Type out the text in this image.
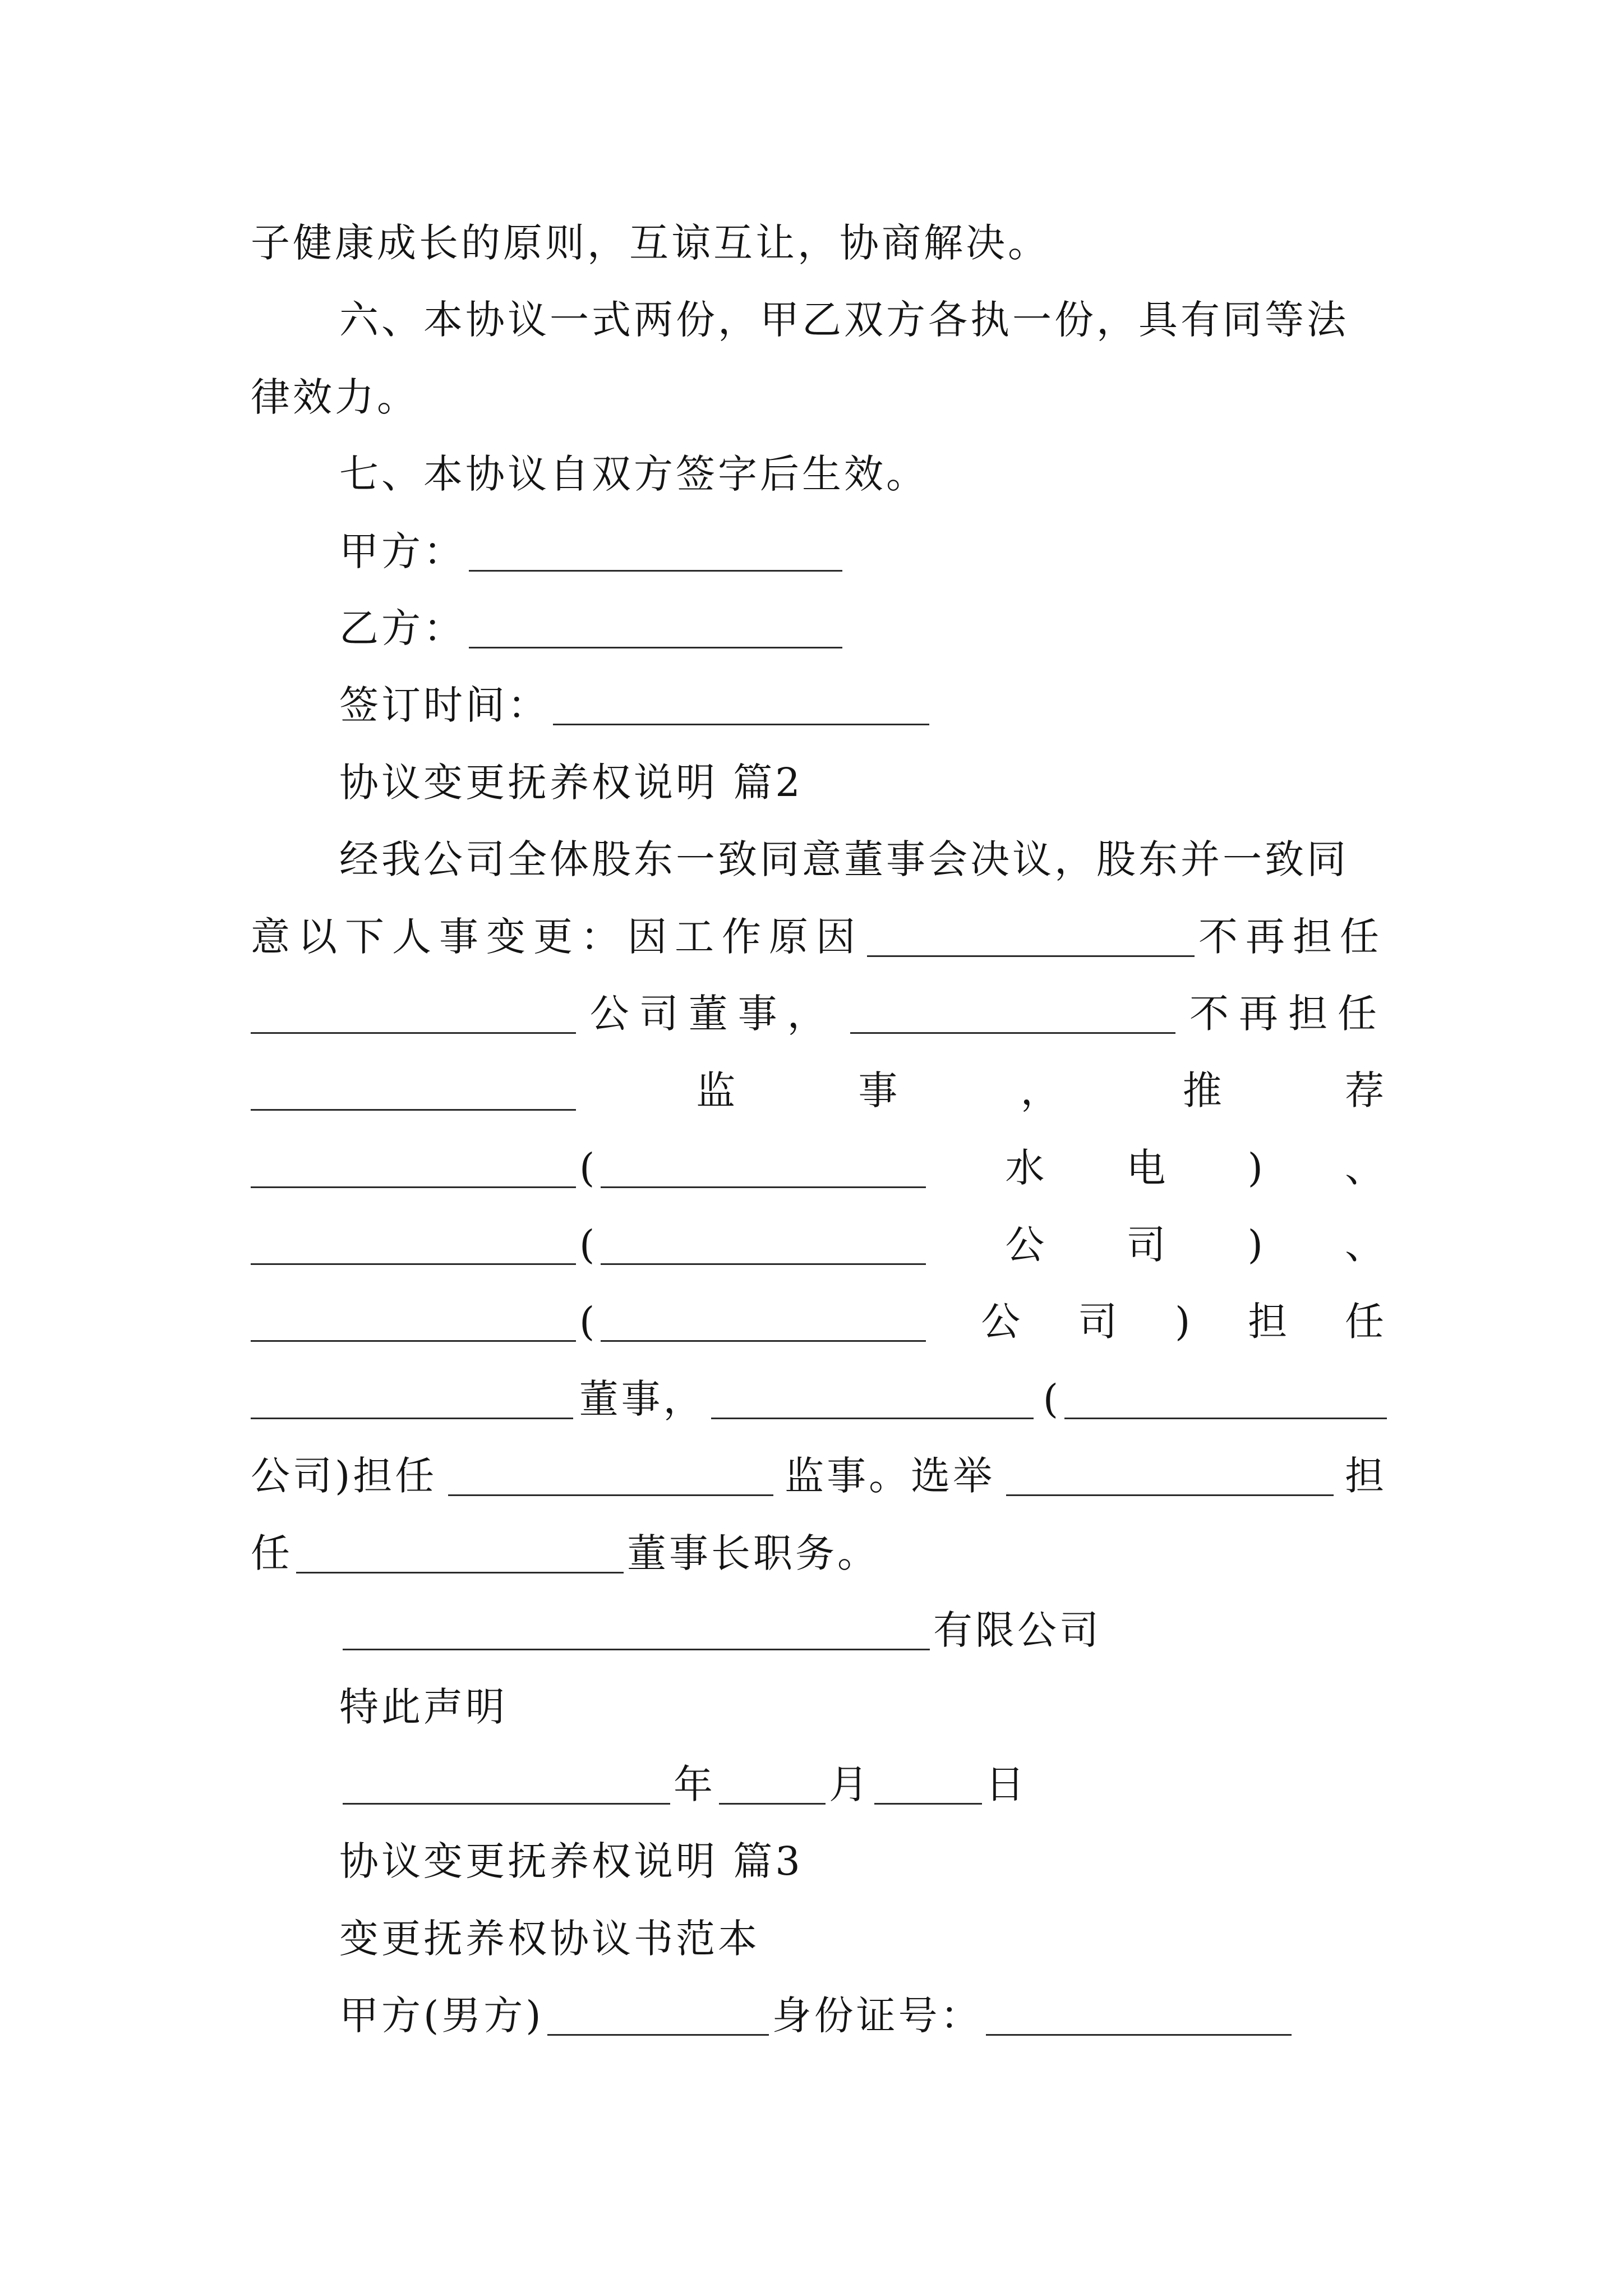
子健康成长的原则，互谅互让，协商解决。
六、本协议一式两份，甲乙双方各执一份，具有同等法
律效力。
七、本协议自双方签字后生效。
甲方：
乙方：
签订时间：
协议变更抚养权说明 篇2
经我公司全体股东一致同意董事会决议，股东并一致同
意以下人事变更：因工作原因	不再担任
公司董事，	不再担任
监	事	，	推	荐
(	水 电 ) 、
(	公 司 ) 、
(	公 司 ) 担 任
董事，	(
公司)担任	监事。选举	担
任	董事长职务。
有限公司
特此声明
年	月	日
协议变更抚养权说明 篇3
变更抚养权协议书范本
甲方(男方)	身份证号：
